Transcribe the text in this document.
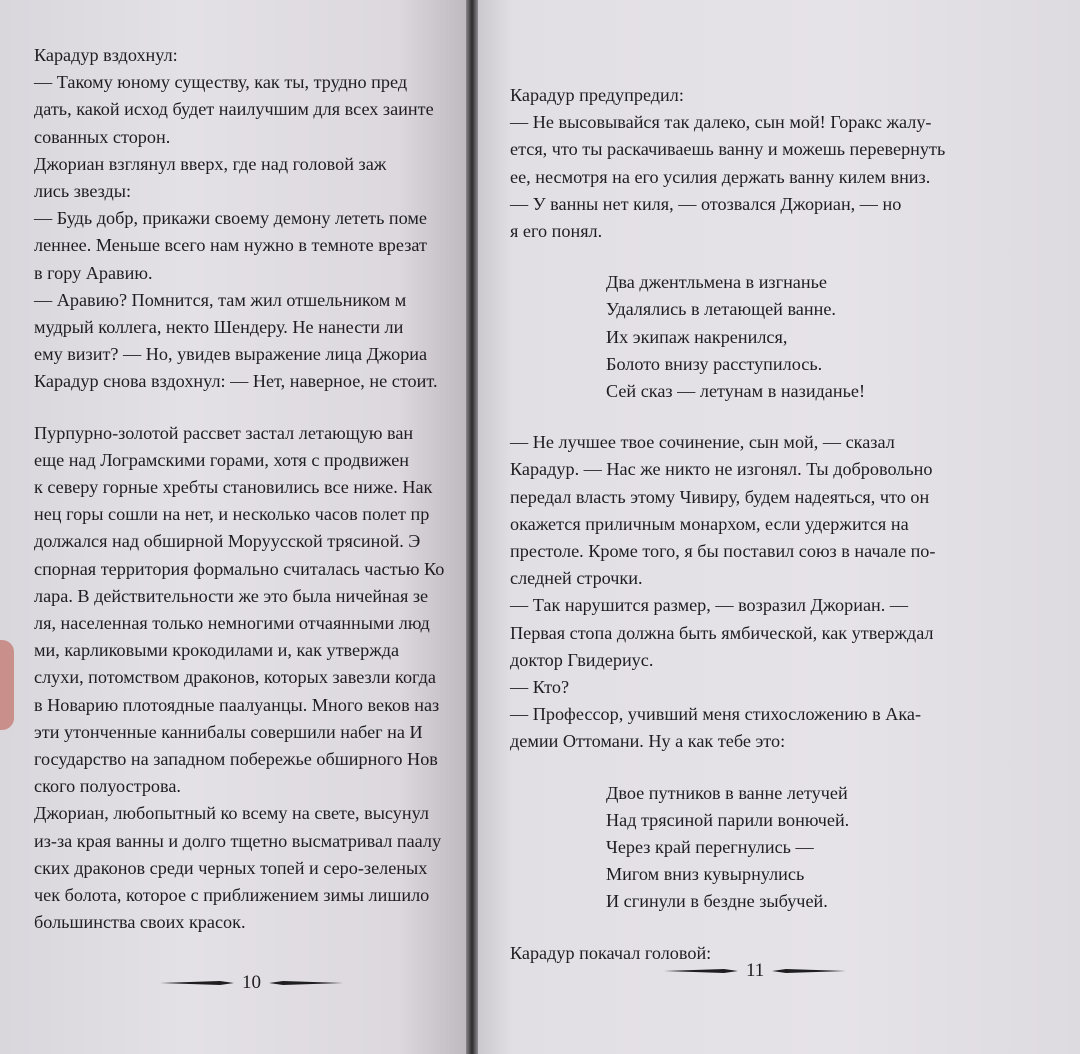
Карадур вздохнул:
— Такому юному существу, как ты, трудно пред
дать, какой исход будет наилучшим для всех заинте
сованных сторон.
Джориан взглянул вверх, где над головой заж
лись звезды:
— Будь добр, прикажи своему демону лететь поме
леннее. Меньше всего нам нужно в темноте врезат
в гору Аравию.
— Аравию? Помнится, там жил отшельником м
мудрый коллега, некто Шендеру. Не нанести ли
ему визит? — Но, увидев выражение лица Джориа
Карадур снова вздохнул: — Нет, наверное, не стоит.
Пурпурно-золотой рассвет застал летающую ван
еще над Лограмскими горами, хотя с продвижен
к северу горные хребты становились все ниже. Нак
нец горы сошли на нет, и несколько часов полет пр
должался над обширной Моруусской трясиной. Э
спорная территория формально считалась частью Ко
лара. В действительности же это была ничейная зе
ля, населенная только немногими отчаянными люд
ми, карликовыми крокодилами и, как утвержда
слухи, потомством драконов, которых завезли когда
в Новарию плотоядные паалуанцы. Много веков наз
эти утонченные каннибалы совершили набег на И
государство на западном побережье обширного Нов
ского полуострова.
Джориан, любопытный ко всему на свете, высунул
из-за края ванны и долго тщетно высматривал паалу
ских драконов среди черных топей и серо-зеленых
чек болота, которое с приближением зимы лишило
большинства своих красок.
Карадур предупредил:
— Не высовывайся так далеко, сын мой! Горакс жалу-
ется, что ты раскачиваешь ванну и можешь перевернуть
ее, несмотря на его усилия держать ванну килем вниз.
— У ванны нет киля, — отозвался Джориан, — но
я его понял.
Два джентльмена в изгнанье
Удалялись в летающей ванне.
Их экипаж накренился,
Болото внизу расступилось.
Сей сказ — летунам в назиданье!
— Не лучшее твое сочинение, сын мой, — сказал
Карадур. — Нас же никто не изгонял. Ты добровольно
передал власть этому Чивиру, будем надеяться, что он
окажется приличным монархом, если удержится на
престоле. Кроме того, я бы поставил союз в начале по-
следней строчки.
— Так нарушится размер, — возразил Джориан. —
Первая стопа должна быть ямбической, как утверждал
доктор Гвидериус.
— Кто?
— Профессор, учивший меня стихосложению в Ака-
демии Оттомани. Ну а как тебе это:
Двое путников в ванне летучей
Над трясиной парили вонючей.
Через край перегнулись —
Мигом вниз кувырнулись
И сгинули в бездне зыбучей.
Карадур покачал головой:
10
11
